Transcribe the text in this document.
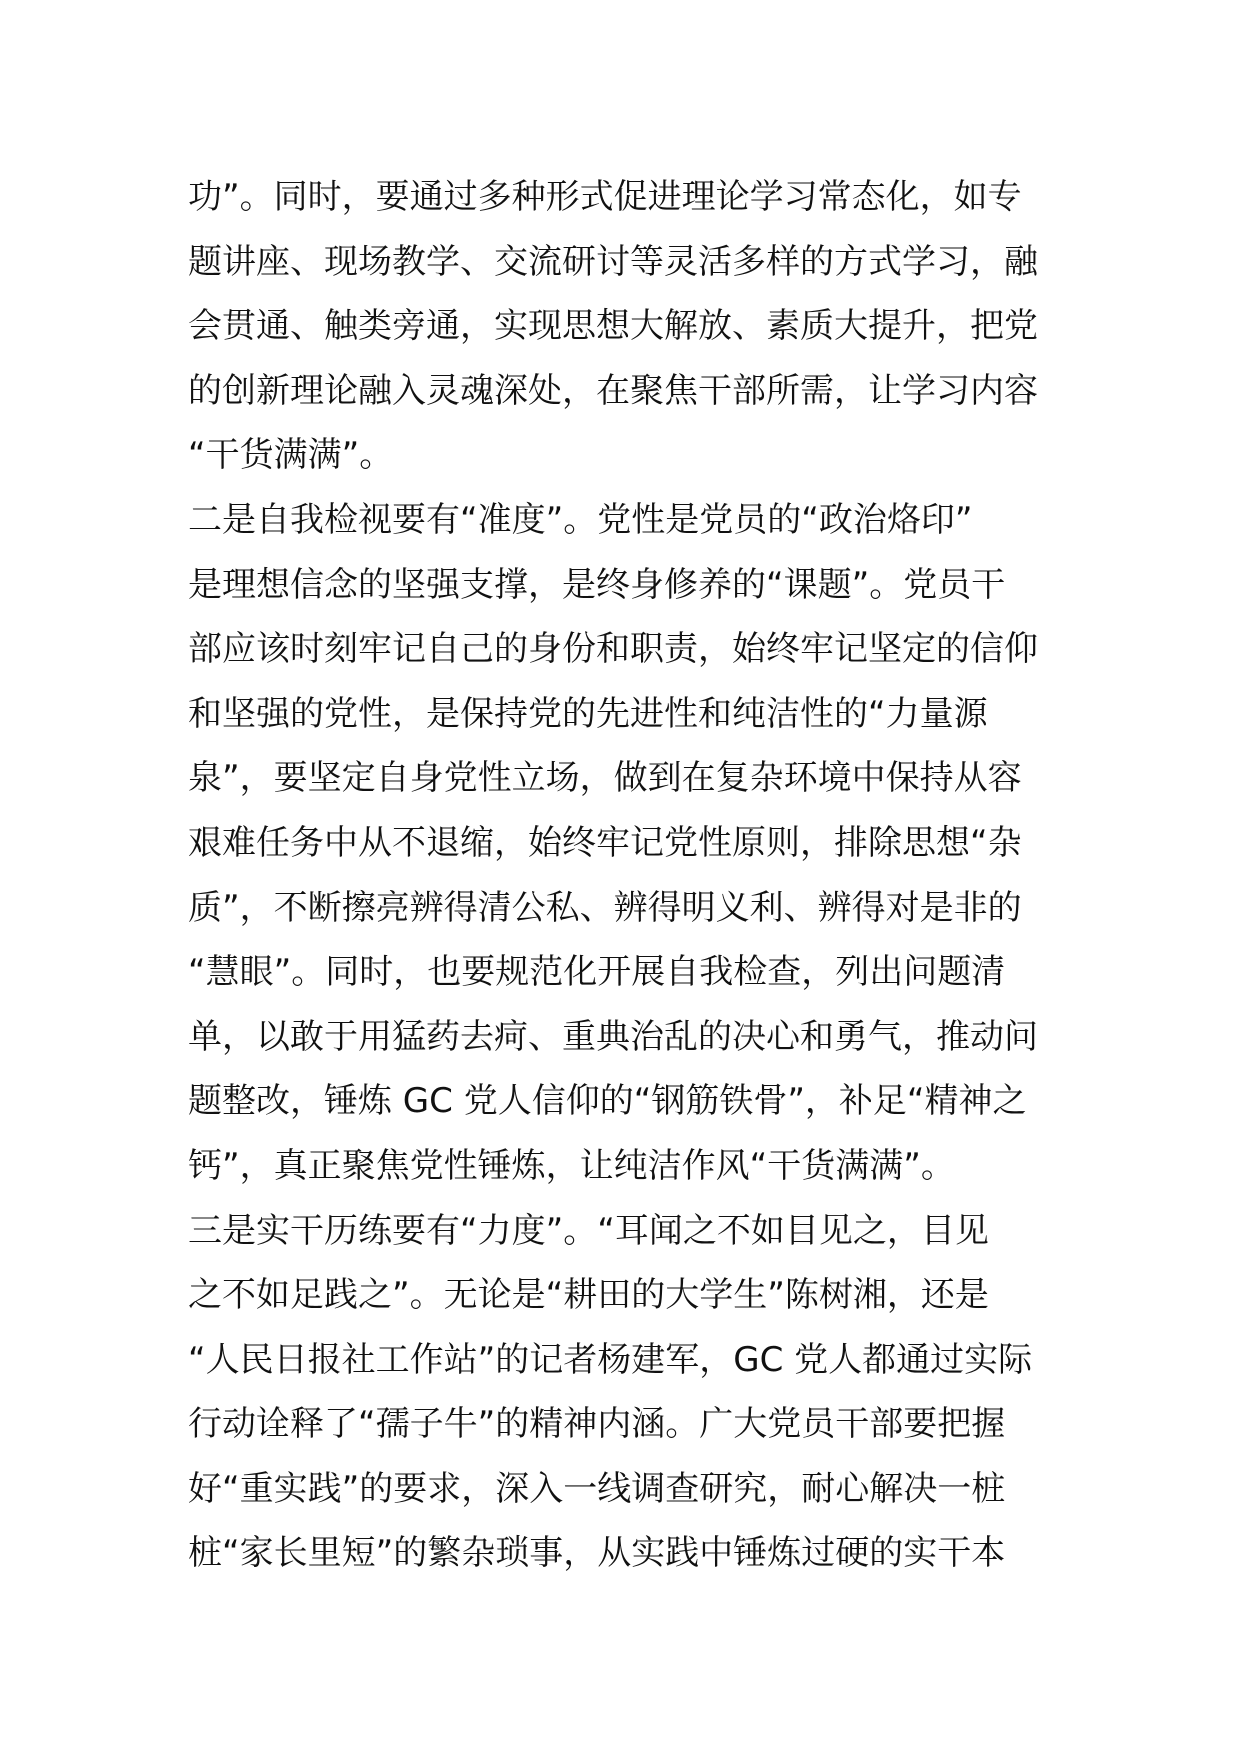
功”。同时，要通过多种形式促进理论学习常态化，如专
题讲座、现场教学、交流研讨等灵活多样的方式学习，融
会贯通、触类旁通，实现思想大解放、素质大提升，把党
的创新理论融入灵魂深处，在聚焦干部所需，让学习内容
“干货满满”。
二是自我检视要有“准度”。党性是党员的“政治烙印”
是理想信念的坚强支撑，是终身修养的“课题”。党员干
部应该时刻牢记自己的身份和职责，始终牢记坚定的信仰
和坚强的党性，是保持党的先进性和纯洁性的“力量源
泉”，要坚定自身党性立场，做到在复杂环境中保持从容
艰难任务中从不退缩，始终牢记党性原则，排除思想“杂
质”，不断擦亮辨得清公私、辨得明义利、辨得对是非的
“慧眼”。同时，也要规范化开展自我检查，列出问题清
单，以敢于用猛药去疴、重典治乱的决心和勇气，推动问
题整改，锤炼 GC 党人信仰的“钢筋铁骨”，补足“精神之
钙”，真正聚焦党性锤炼，让纯洁作风“干货满满”。
三是实干历练要有“力度”。“耳闻之不如目见之，目见
之不如足践之”。无论是“耕田的大学生”陈树湘，还是
“人民日报社工作站”的记者杨建军，GC 党人都通过实际
行动诠释了“孺子牛”的精神内涵。广大党员干部要把握
好“重实践”的要求，深入一线调查研究，耐心解决一桩
桩“家长里短”的繁杂琐事，从实践中锤炼过硬的实干本
